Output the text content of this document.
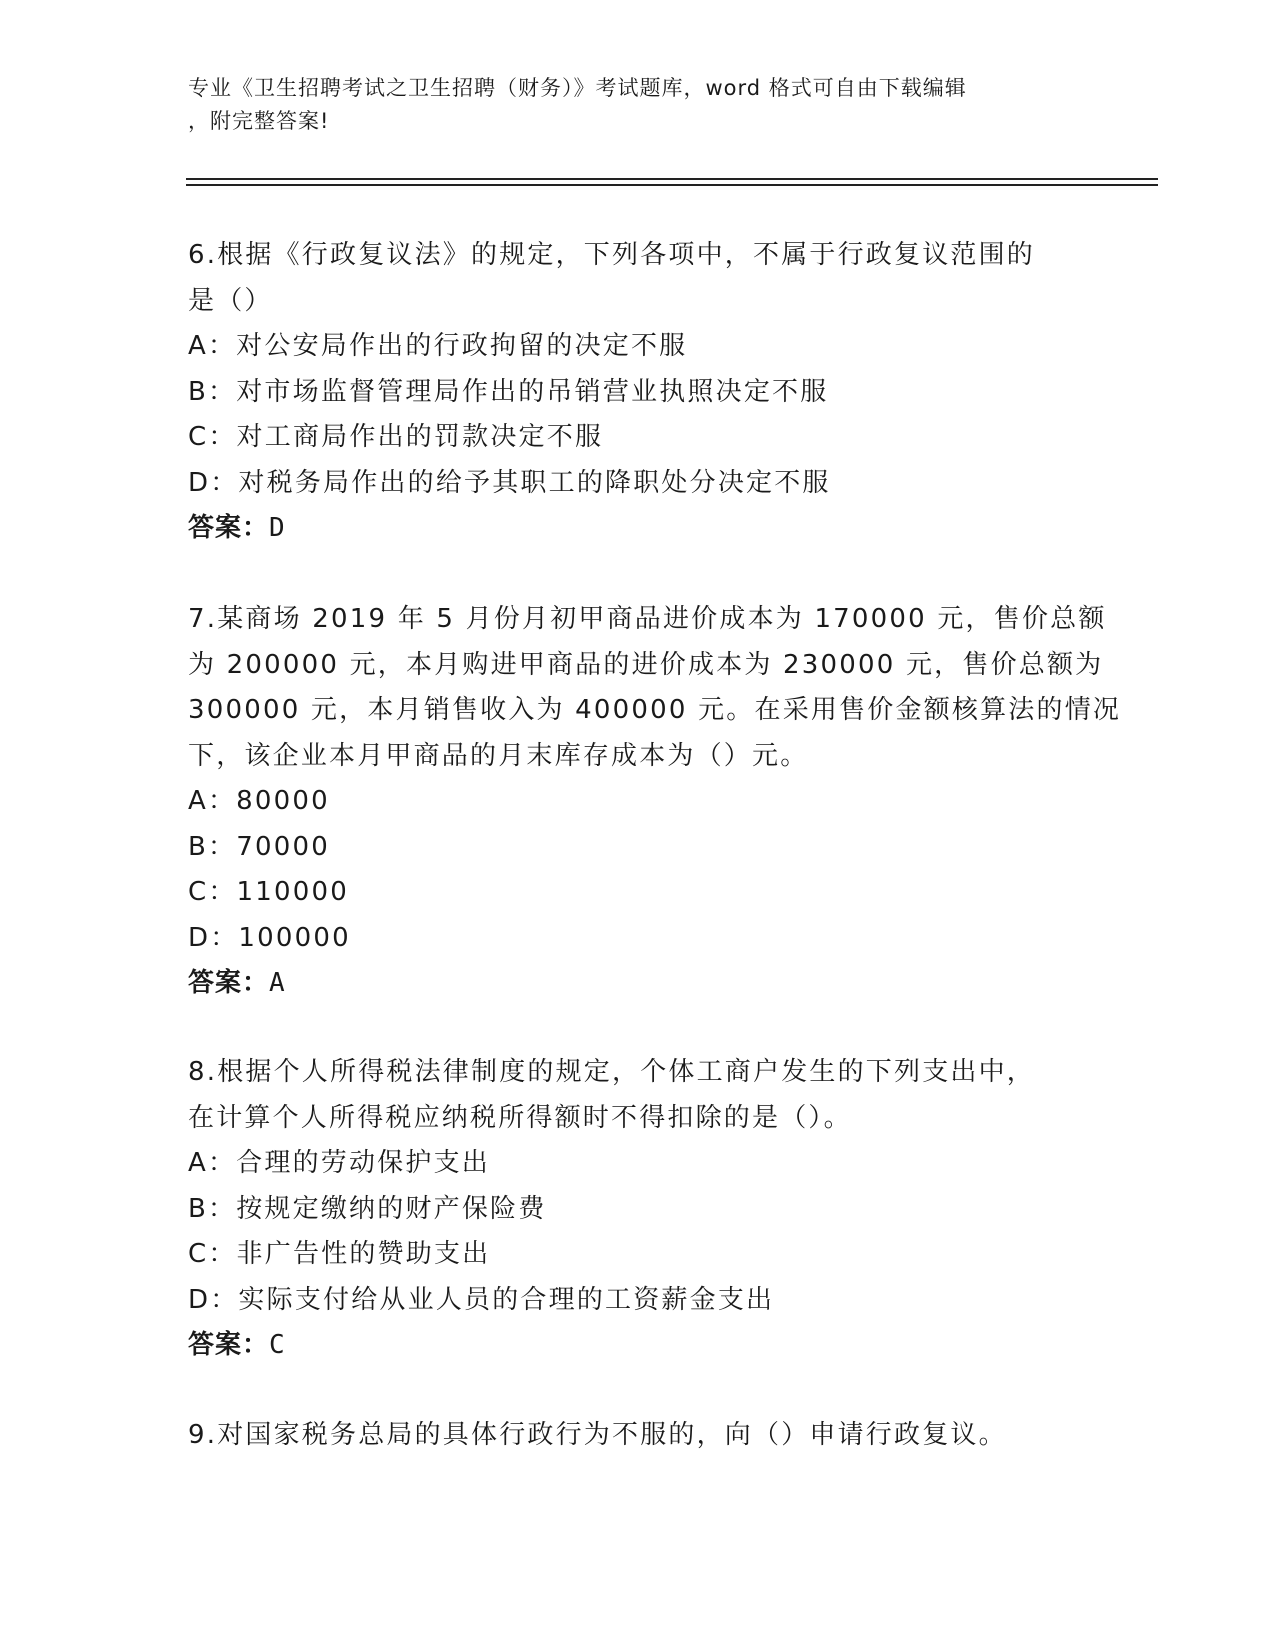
专业《卫生招聘考试之卫生招聘（财务）》考试题库，word 格式可自由下载编辑
，附完整答案!
6.根据《行政复议法》的规定，下列各项中，不属于行政复议范围的
是（）
A：对公安局作出的行政拘留的决定不服
B：对市场监督管理局作出的吊销营业执照决定不服
C：对工商局作出的罚款决定不服
D：对税务局作出的给予其职工的降职处分决定不服
答案：D
7.某商场 2019 年 5 月份月初甲商品进价成本为 170000 元，售价总额
为 200000 元，本月购进甲商品的进价成本为 230000 元，售价总额为
300000 元，本月销售收入为 400000 元。在采用售价金额核算法的情况
下，该企业本月甲商品的月末库存成本为（）元。
A：80000
B：70000
C：110000
D：100000
答案：A
8.根据个人所得税法律制度的规定，个体工商户发生的下列支出中，
在计算个人所得税应纳税所得额时不得扣除的是（）。
A：合理的劳动保护支出
B：按规定缴纳的财产保险费
C：非广告性的赞助支出
D：实际支付给从业人员的合理的工资薪金支出
答案：C
9.对国家税务总局的具体行政行为不服的，向（）申请行政复议。
